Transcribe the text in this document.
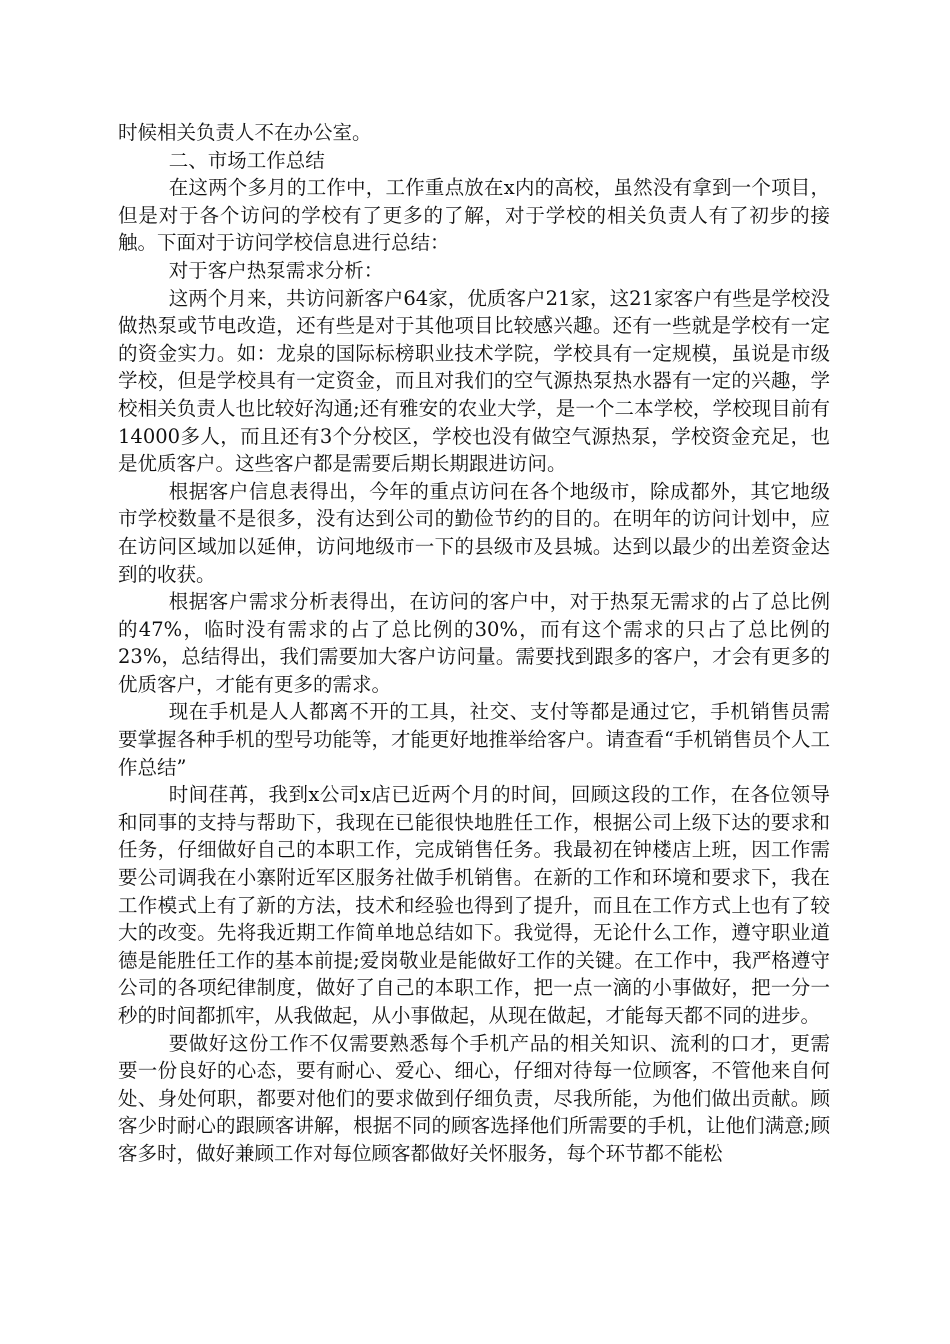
时候相关负责人不在办公室。

二、市场工作总结

在这两个多月的工作中，工作重点放在x内的高校，虽然没有拿到一个项目，但是对于各个访问的学校有了更多的了解，对于学校的相关负责人有了初步的接触。下面对于访问学校信息进行总结：

对于客户热泵需求分析：

这两个月来，共访问新客户64家，优质客户21家，这21家客户有些是学校没做热泵或节电改造，还有些是对于其他项目比较感兴趣。还有一些就是学校有一定的资金实力。如：龙泉的国际标榜职业技术学院，学校具有一定规模，虽说是市级学校，但是学校具有一定资金，而且对我们的空气源热泵热水器有一定的兴趣，学校相关负责人也比较好沟通;还有雅安的农业大学，是一个二本学校，学校现目前有14000多人，而且还有3个分校区，学校也没有做空气源热泵，学校资金充足，也是优质客户。这些客户都是需要后期长期跟进访问。

根据客户信息表得出，今年的重点访问在各个地级市，除成都外，其它地级市学校数量不是很多，没有达到公司的勤俭节约的目的。在明年的访问计划中，应在访问区域加以延伸，访问地级市一下的县级市及县城。达到以最少的出差资金达到的收获。

根据客户需求分析表得出，在访问的客户中，对于热泵无需求的占了总比例的47%，临时没有需求的占了总比例的30%，而有这个需求的只占了总比例的23%，总结得出，我们需要加大客户访问量。需要找到跟多的客户，才会有更多的优质客户，才能有更多的需求。

现在手机是人人都离不开的工具，社交、支付等都是通过它，手机销售员需要掌握各种手机的型号功能等，才能更好地推举给客户。请查看“手机销售员个人工作总结”

时间荏苒，我到x公司x店已近两个月的时间，回顾这段的工作，在各位领导和同事的支持与帮助下，我现在已能很快地胜任工作，根据公司上级下达的要求和任务，仔细做好自己的本职工作，完成销售任务。我最初在钟楼店上班，因工作需要公司调我在小寨附近军区服务社做手机销售。在新的工作和环境和要求下，我在工作模式上有了新的方法，技术和经验也得到了提升，而且在工作方式上也有了较大的改变。先将我近期工作简单地总结如下。我觉得，无论什么工作，遵守职业道德是能胜任工作的基本前提;爱岗敬业是能做好工作的关键。在工作中，我严格遵守公司的各项纪律制度，做好了自己的本职工作，把一点一滴的小事做好，把一分一秒的时间都抓牢，从我做起，从小事做起，从现在做起，才能每天都不同的进步。

要做好这份工作不仅需要熟悉每个手机产品的相关知识、流利的口才，更需要一份良好的心态，要有耐心、爱心、细心，仔细对待每一位顾客，不管他来自何处、身处何职，都要对他们的要求做到仔细负责，尽我所能，为他们做出贡献。顾客少时耐心的跟顾客讲解，根据不同的顾客选择他们所需要的手机，让他们满意;顾客多时，做好兼顾工作对每位顾客都做好关怀服务，每个环节都不能松
